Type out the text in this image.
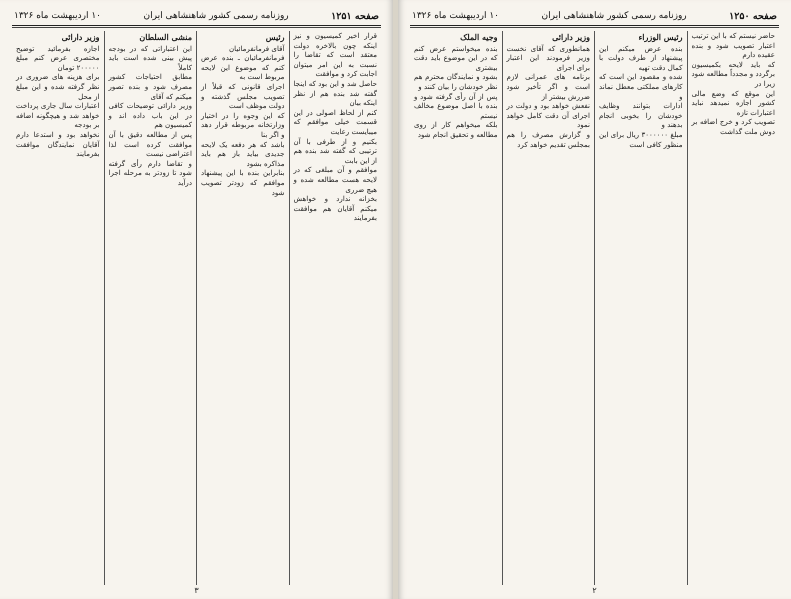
صفحه ۱۲۵۱
روزنامه رسمی کشور شاهنشاهی ایران
۱۰ اردیبهشت ماه ۱۳۲۶

قرار اخیر کمیسیون و نیز اینکه چون بالاخره دولت معتقد است که تقاضا را نسبت به این امر میتوان اجابت کرد و موافقت

حاصل شد و این بود که اینجا گفته شد بنده هم از نظر اینکه بیان

کنم از لحاظ اصولی در این قسمت خیلی موافقم که میبایست رعایت

بکنیم و از طرفی با آن ترتیبی که گفته شد بنده هم از این بابت

موافقم و آن مبلغی که در لایحه هست مطالعه شده و هیچ ضرری

بخزانه ندارد و خواهش میکنم آقایان هم موافقت بفرمایند

رئیس

آقای فرمانفرمائیان

فرمانفرمائیان ـ بنده عرض کنم که موضوع این لایحه مربوط است به

اجرای قانونی که قبلاً از تصویب مجلس گذشته و دولت موظف است

که این وجوه را در اختیار وزارتخانه مربوطه قرار دهد و اگر بنا

باشد که هر دفعه یک لایحه جدیدی بیاید باز هم باید مذاکره بشود

بنابراین بنده با این پیشنهاد موافقم که زودتر تصویب شود

منشی السلطان

این اعتباراتی که در بودجه پیش بینی شده است باید کاملاً

مطابق احتیاجات کشور مصرف شود و بنده تصور میکنم که آقای

وزیر دارائی توضیحات کافی در این باب داده اند و کمیسیون هم

پس از مطالعه دقیق با آن موافقت کرده است لذا اعتراضی نیست

و تقاضا دارم رأی گرفته شود تا زودتر به مرحله اجرا درآید

وزیر دارائی

اجازه بفرمائید توضیح مختصری عرض کنم مبلغ ۲۰۰۰۰۰ تومان

برای هزینه های ضروری در نظر گرفته شده و این مبلغ از محل

اعتبارات سال جاری پرداخت خواهد شد و هیچگونه اضافه بر بودجه

نخواهد بود و استدعا دارم آقایان نمایندگان موافقت بفرمایند

۳
صفحه ۱۲۵۰
روزنامه رسمی کشور شاهنشاهی ایران
۱۰ اردیبهشت ماه ۱۳۲۶

حاضر نیستم که با این ترتیب اعتبار تصویب شود و بنده عقیده دارم

که باید لایحه بکمیسیون برگردد و مجدداً مطالعه شود زیرا در

این موقع که وضع مالی کشور اجازه نمیدهد نباید اعتبارات تازه

تصویب کرد و خرج اضافه بر دوش ملت گذاشت

رئیس الوزراء

بنده عرض میکنم این پیشنهاد از طرف دولت با کمال دقت تهیه

شده و مقصود این است که کارهای مملکتی معطل نماند و

ادارات بتوانند وظایف خودشان را بخوبی انجام بدهند و

مبلغ ۳۰۰۰۰۰۰ ریال برای این منظور کافی است

وزیر دارائی

همانطوری که آقای نخست وزیر فرمودند این اعتبار برای اجرای

برنامه های عمرانی لازم است و اگر تأخیر شود ضررش بیشتر از

نفعش خواهد بود و دولت در اجرای آن دقت کامل خواهد نمود

و گزارش مصرف را هم بمجلس تقدیم خواهد کرد

وجیه الملک

بنده میخواستم عرض کنم که در این موضوع باید دقت بیشتری

بشود و نمایندگان محترم هم نظر خودشان را بیان کنند و

پس از آن رأی گرفته شود و بنده با اصل موضوع مخالف نیستم

بلکه میخواهم کار از روی مطالعه و تحقیق انجام شود

۲
